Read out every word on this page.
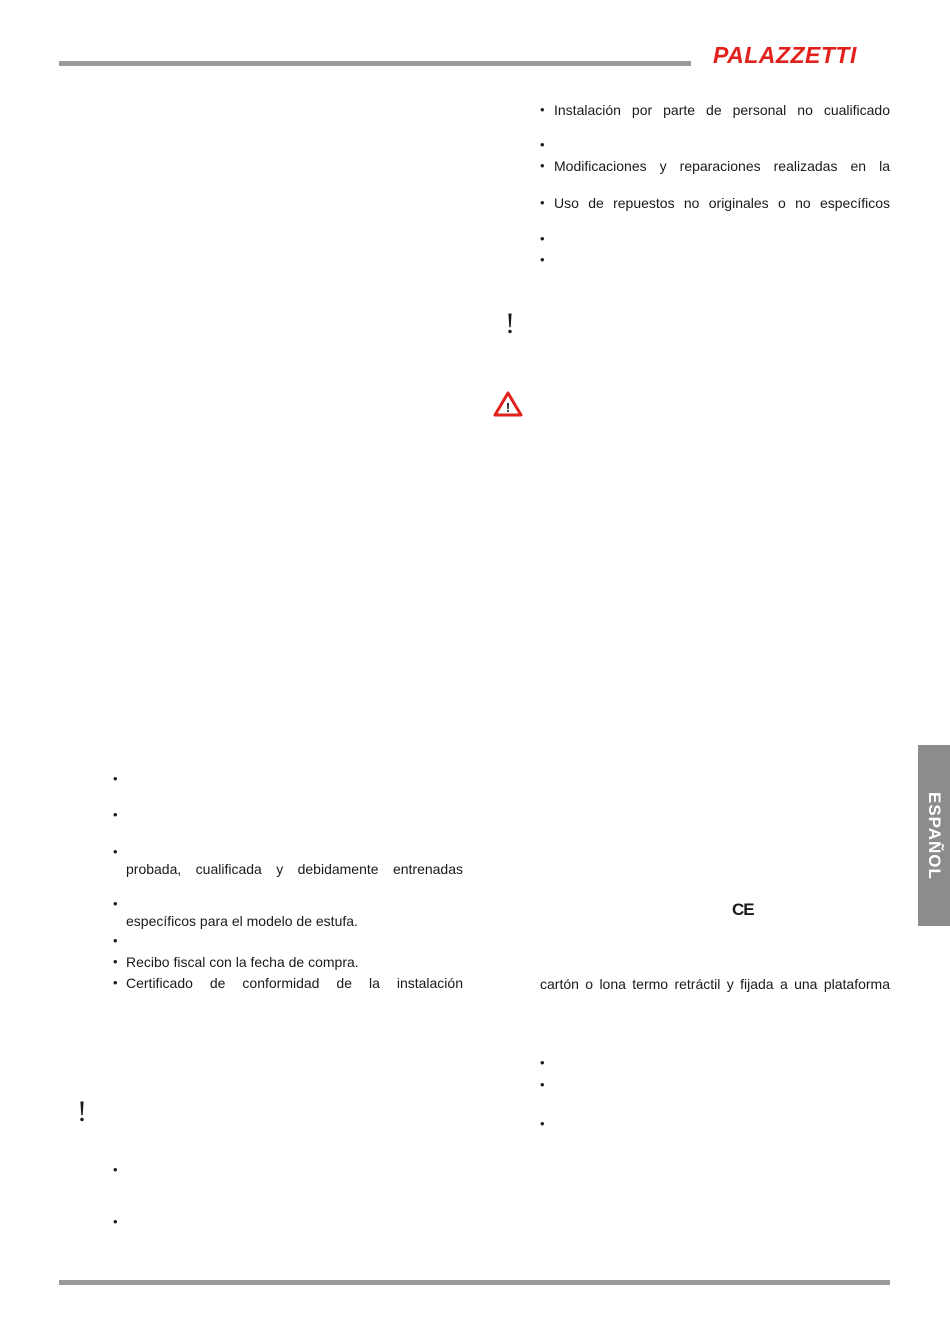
PALAZZETTI
• Instalación por parte de personal no cualificado
•
• Modificaciones y reparaciones realizadas en la
• Uso de repuestos no originales o no específicos
•
•
!
!
ESPAÑOL
CE
cartón o lona termo retráctil y fijada a una plataforma
•
•
•
•
•
•
probada, cualificada y debidamente entrenadas
•
específicos para el modelo de estufa.
•
• Recibo fiscal con la fecha de compra.
• Certificado de conformidad de la instalación
!
•
•
